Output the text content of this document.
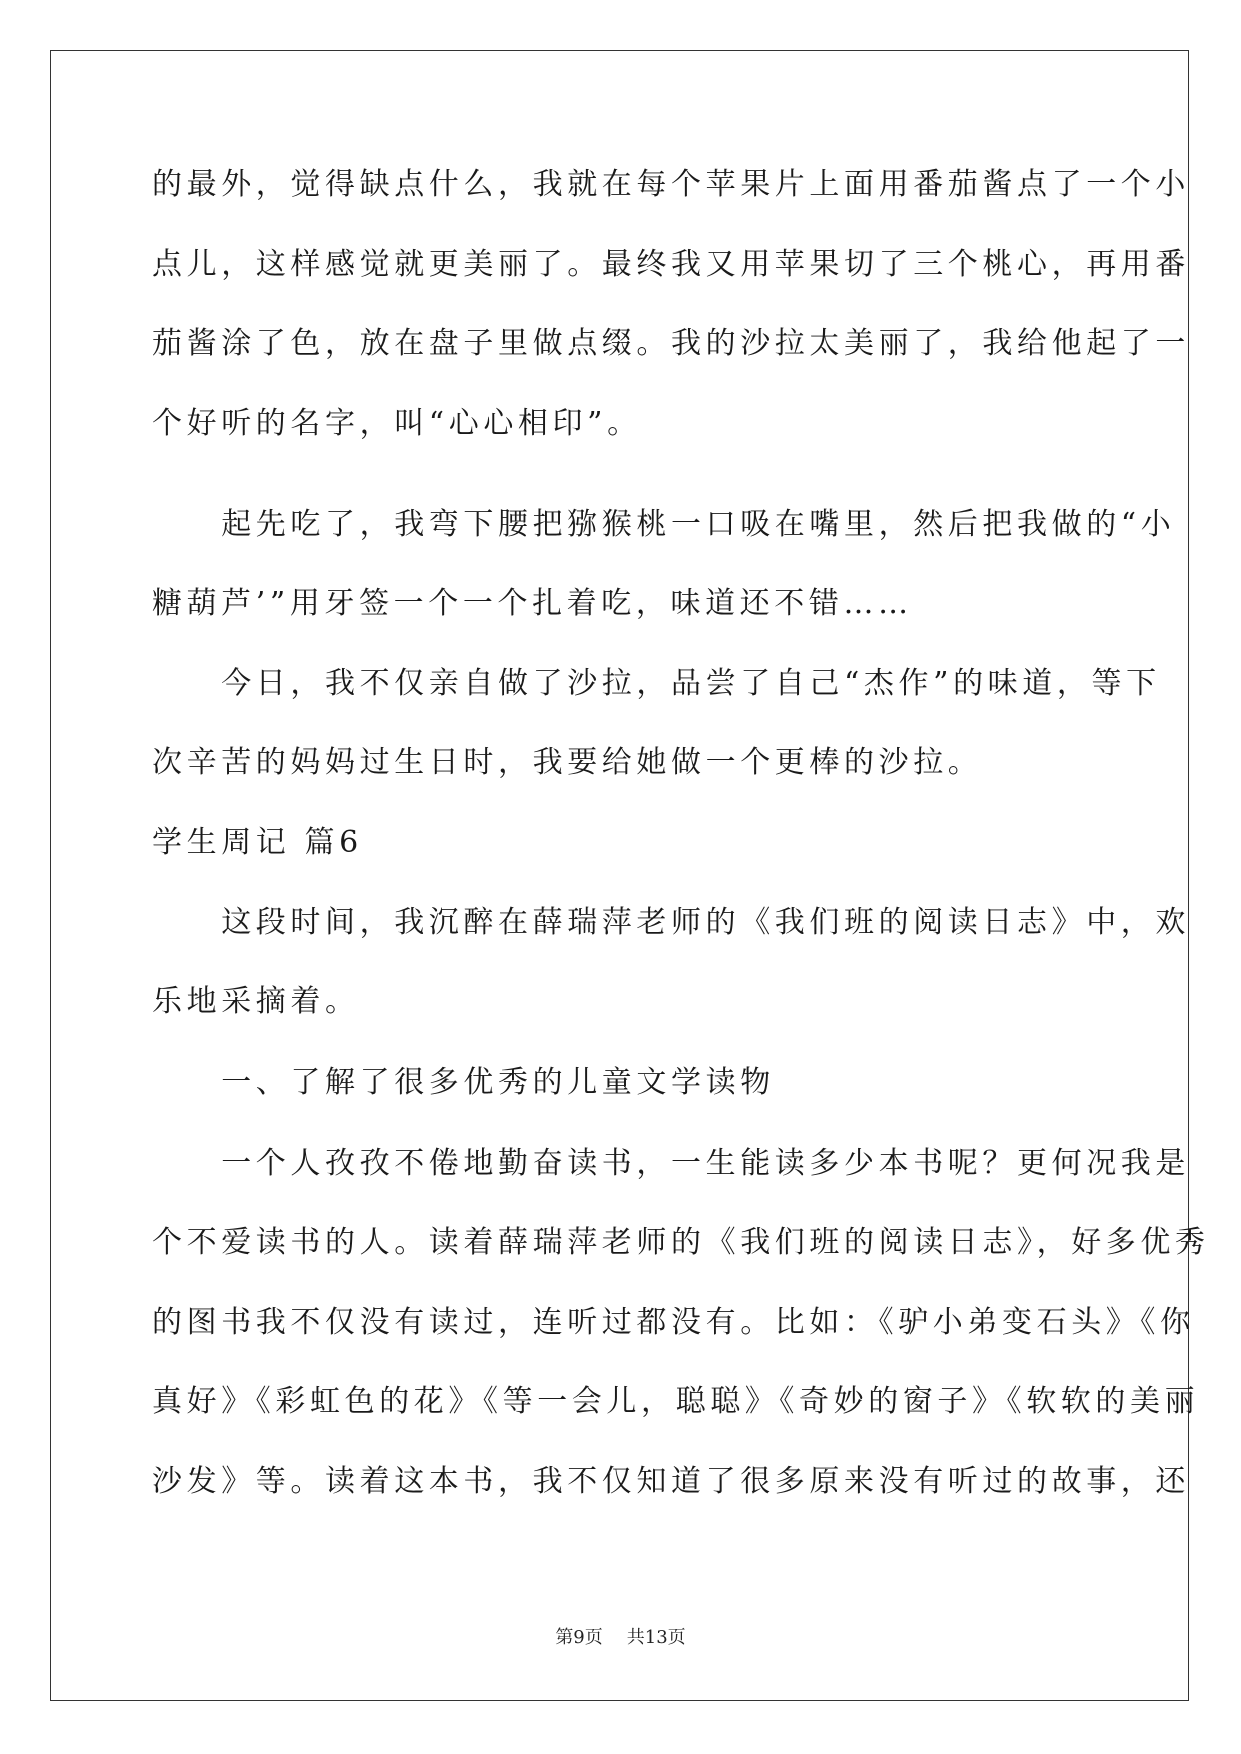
的最外，觉得缺点什么，我就在每个苹果片上面用番茄酱点了一个小
点儿，这样感觉就更美丽了。最终我又用苹果切了三个桃心，再用番
茄酱涂了色，放在盘子里做点缀。我的沙拉太美丽了，我给他起了一
个好听的名字，叫“心心相印”。
　　起先吃了，我弯下腰把猕猴桃一口吸在嘴里，然后把我做的“小
糖葫芦’”用牙签一个一个扎着吃，味道还不错……
　　今日，我不仅亲自做了沙拉，品尝了自己“杰作”的味道，等下
次辛苦的妈妈过生日时，我要给她做一个更棒的沙拉。
学生周记 篇6
　　这段时间，我沉醉在薛瑞萍老师的《我们班的阅读日志》中，欢
乐地采摘着。
　　一、了解了很多优秀的儿童文学读物
　　一个人孜孜不倦地勤奋读书，一生能读多少本书呢？更何况我是
个不爱读书的人。读着薛瑞萍老师的《我们班的阅读日志》，好多优秀
的图书我不仅没有读过，连听过都没有。比如：《驴小弟变石头》《你
真好》《彩虹色的花》《等一会儿，聪聪》《奇妙的窗子》《软软的美丽
沙发》等。读着这本书，我不仅知道了很多原来没有听过的故事，还
第9页 共13页
